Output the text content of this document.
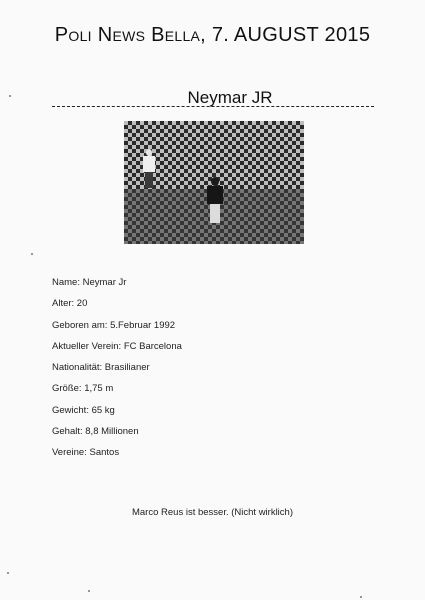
Poli News Bella, 7. AUGUST 2015
Neymar JR
Name: Neymar Jr
Alter: 20
Geboren am: 5.Februar 1992
Aktueller Verein: FC Barcelona
Nationalität: Brasilianer
Größe: 1,75 m
Gewicht: 65 kg
Gehalt: 8,8 Millionen
Vereine: Santos
Marco Reus ist besser. (Nicht wirklich)
